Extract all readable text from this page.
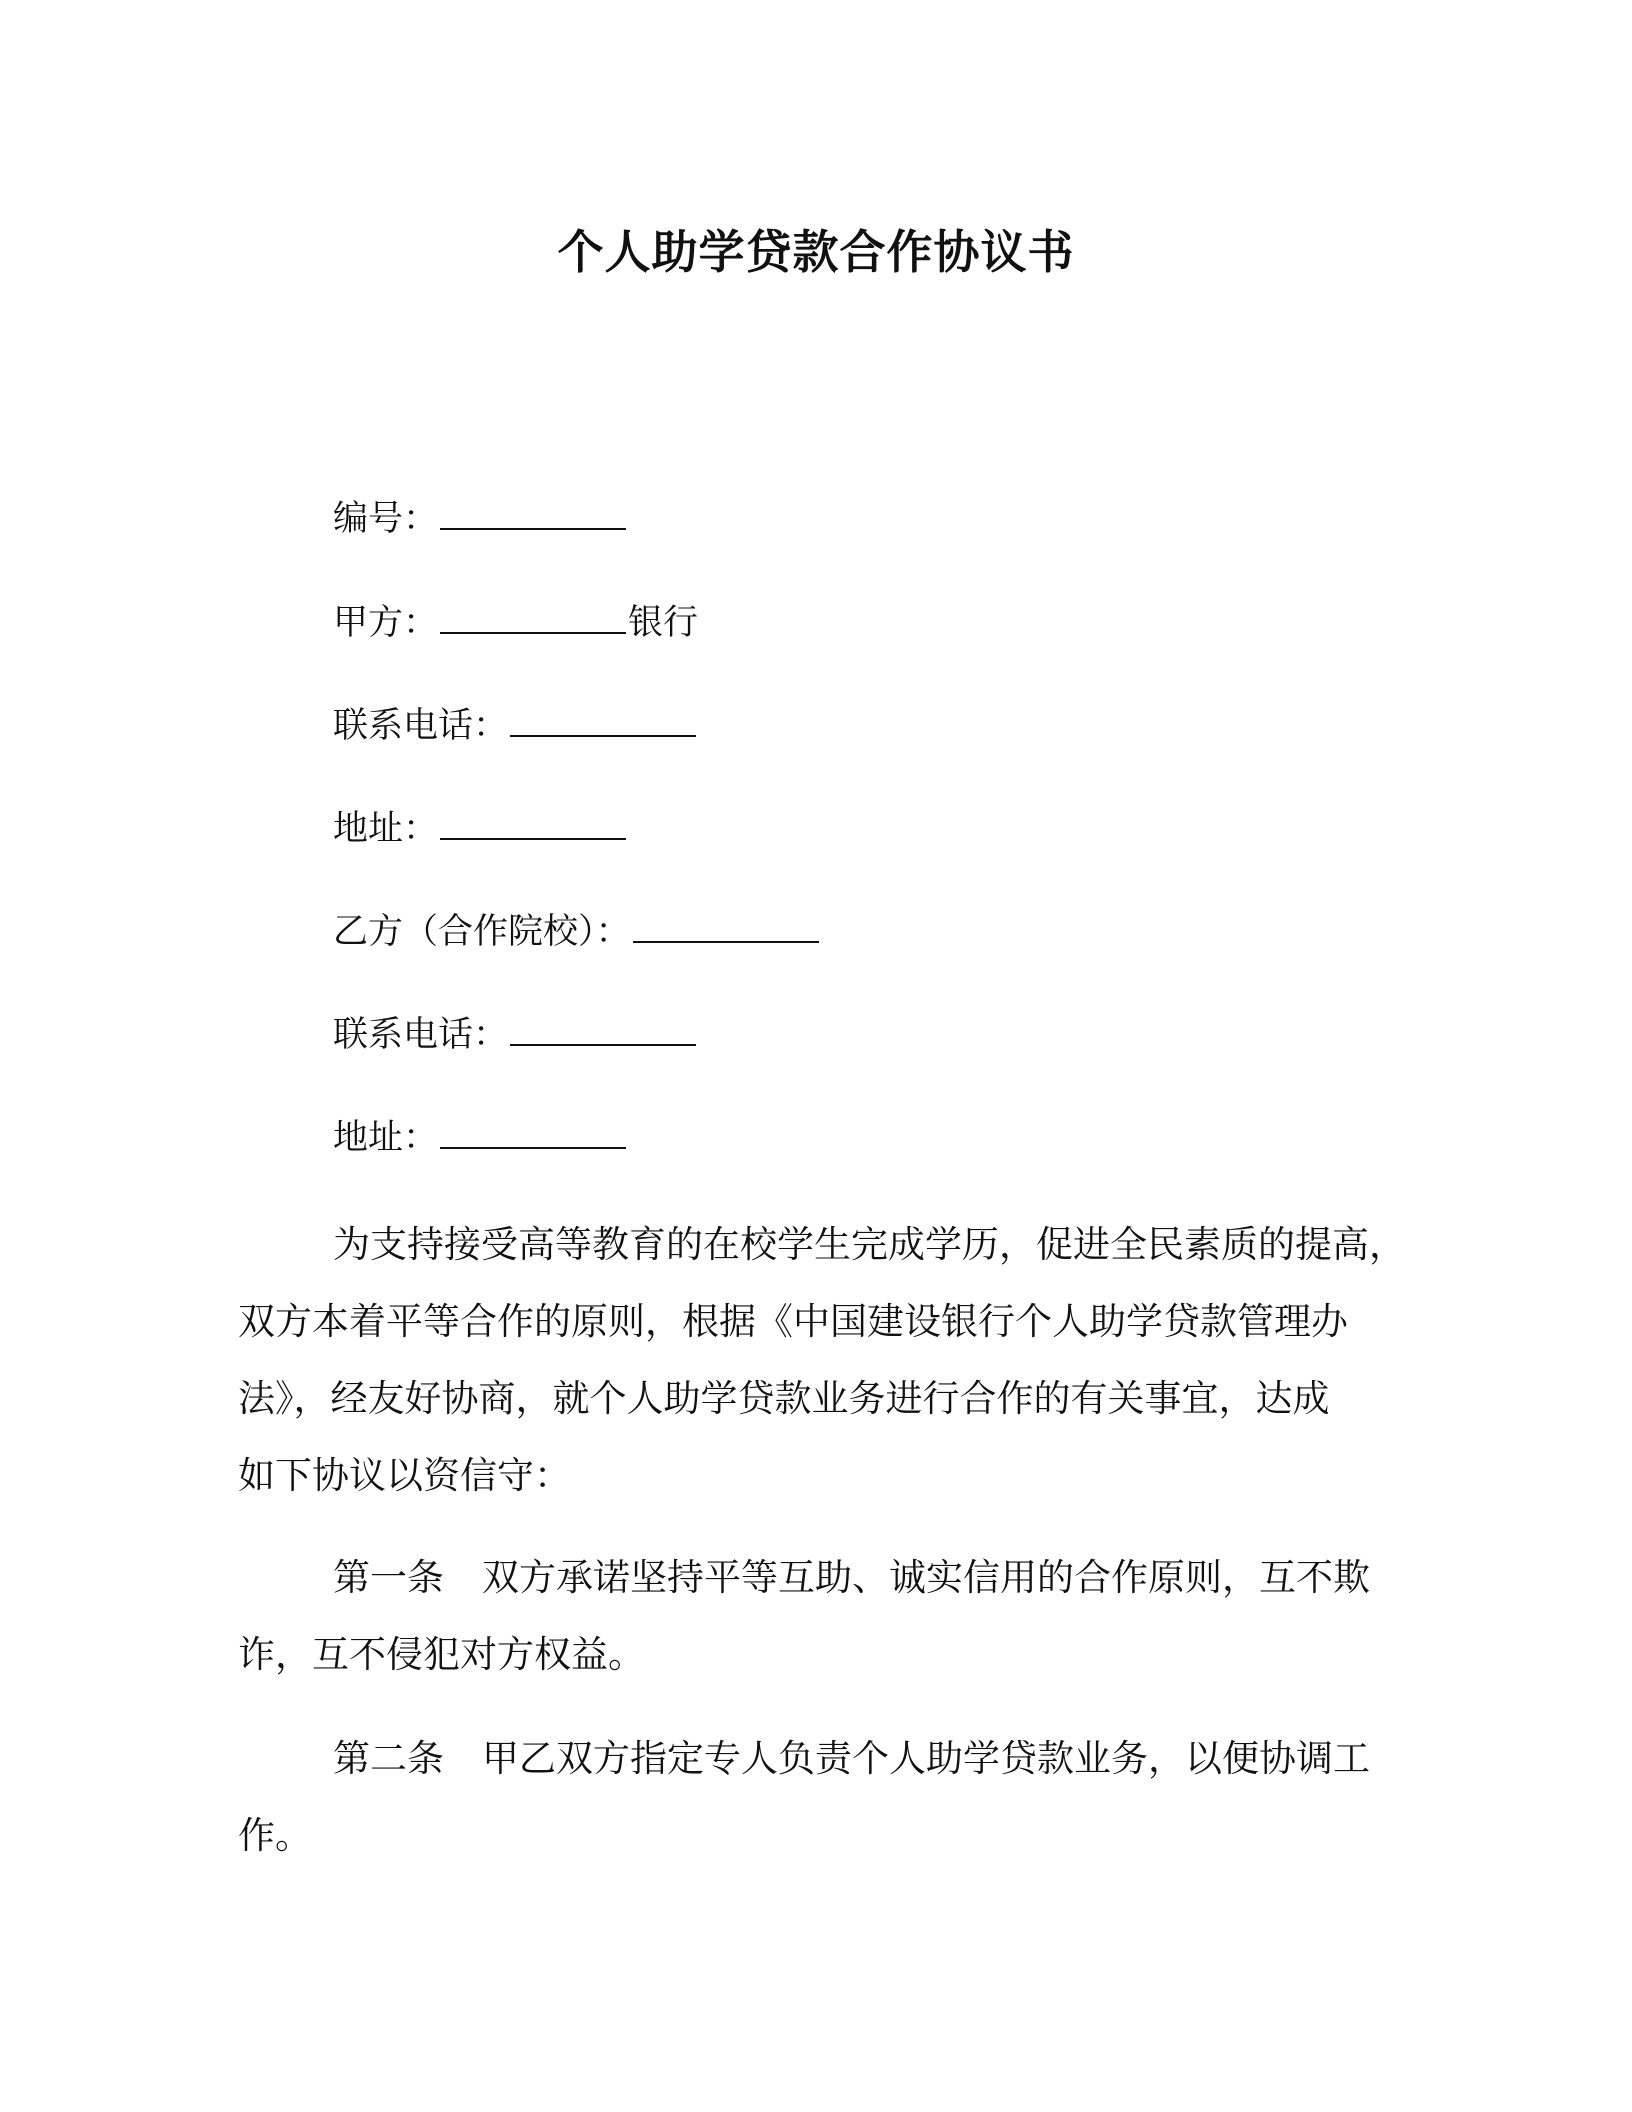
个人助学贷款合作协议书
编号：
甲方：	银行
联系电话：
地址：
乙方（合作院校）：
联系电话：
地址：
为支持接受高等教育的在校学生完成学历，促进全民素质的提高，
双方本着平等合作的原则，根据《中国建设银行个人助学贷款管理办
法》，经友好协商，就个人助学贷款业务进行合作的有关事宜，达成
如下协议以资信守：
第一条 双方承诺坚持平等互助、诚实信用的合作原则，互不欺
诈，互不侵犯对方权益。
第二条 甲乙双方指定专人负责个人助学贷款业务，以便协调工
作。
